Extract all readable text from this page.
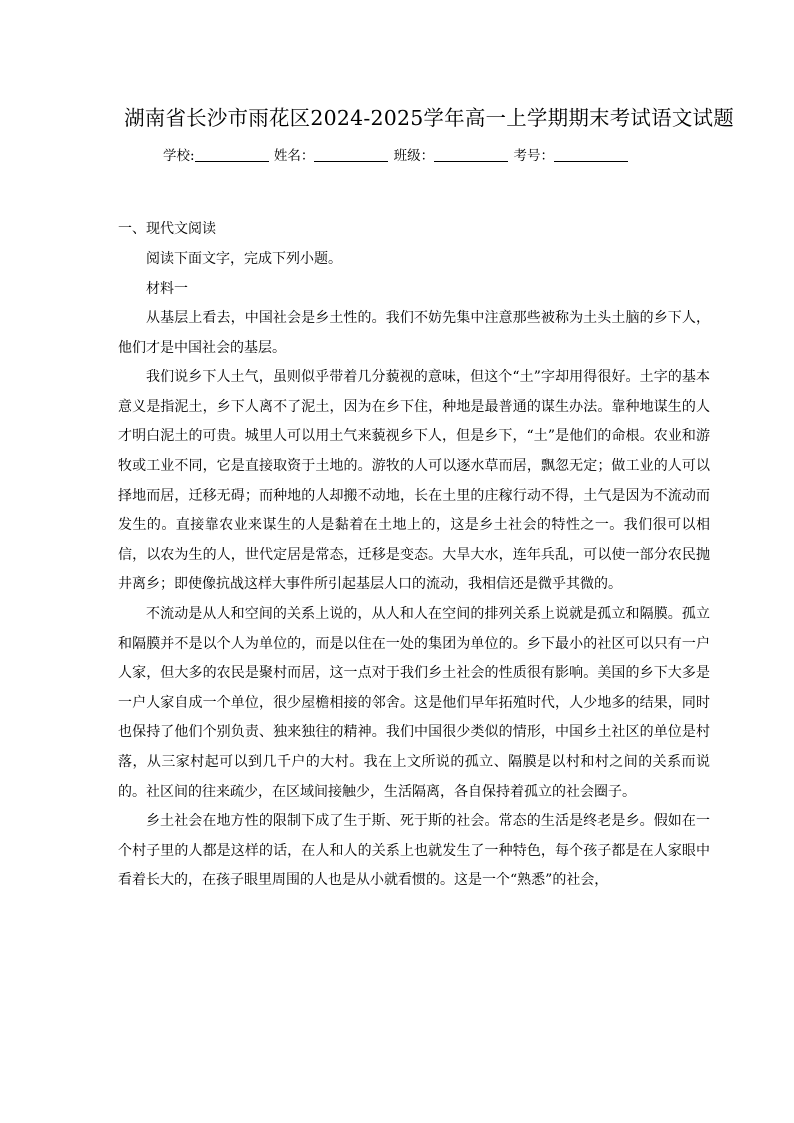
湖南省长沙市雨花区2024-2025学年高一上学期期末考试语文试题
学校:	姓名：	班级：	考号：
一、现代文阅读
阅读下面文字，完成下列小题。
材料一

从基层上看去，中国社会是乡土性的。我们不妨先集中注意那些被称为土头土脑的乡下人，他们才是中国社会的基层。

我们说乡下人土气，虽则似乎带着几分藐视的意味，但这个“土”字却用得很好。土字的基本意义是指泥土，乡下人离不了泥土，因为在乡下住，种地是最普通的谋生办法。靠种地谋生的人才明白泥土的可贵。城里人可以用土气来藐视乡下人，但是乡下，“土”是他们的命根。农业和游牧或工业不同，它是直接取资于土地的。游牧的人可以逐水草而居，飘忽无定；做工业的人可以择地而居，迁移无碍；而种地的人却搬不动地，长在土里的庄稼行动不得，土气是因为不流动而发生的。直接靠农业来谋生的人是黏着在土地上的，这是乡土社会的特性之一。我们很可以相信，以农为生的人，世代定居是常态，迁移是变态。大旱大水，连年兵乱，可以使一部分农民抛井离乡；即使像抗战这样大事件所引起基层人口的流动，我相信还是微乎其微的。

不流动是从人和空间的关系上说的，从人和人在空间的排列关系上说就是孤立和隔膜。孤立和隔膜并不是以个人为单位的，而是以住在一处的集团为单位的。乡下最小的社区可以只有一户人家，但大多的农民是聚村而居，这一点对于我们乡土社会的性质很有影响。美国的乡下大多是一户人家自成一个单位，很少屋檐相接的邻舍。这是他们早年拓殖时代，人少地多的结果，同时也保持了他们个别负责、独来独往的精神。我们中国很少类似的情形，中国乡土社区的单位是村落，从三家村起可以到几千户的大村。我在上文所说的孤立、隔膜是以村和村之间的关系而说的。社区间的往来疏少，在区域间接触少，生活隔离，各自保持着孤立的社会圈子。

乡土社会在地方性的限制下成了生于斯、死于斯的社会。常态的生活是终老是乡。假如在一个村子里的人都是这样的话，在人和人的关系上也就发生了一种特色，每个孩子都是在人家眼中看着长大的，在孩子眼里周围的人也是从小就看惯的。这是一个“熟悉”的社会，
